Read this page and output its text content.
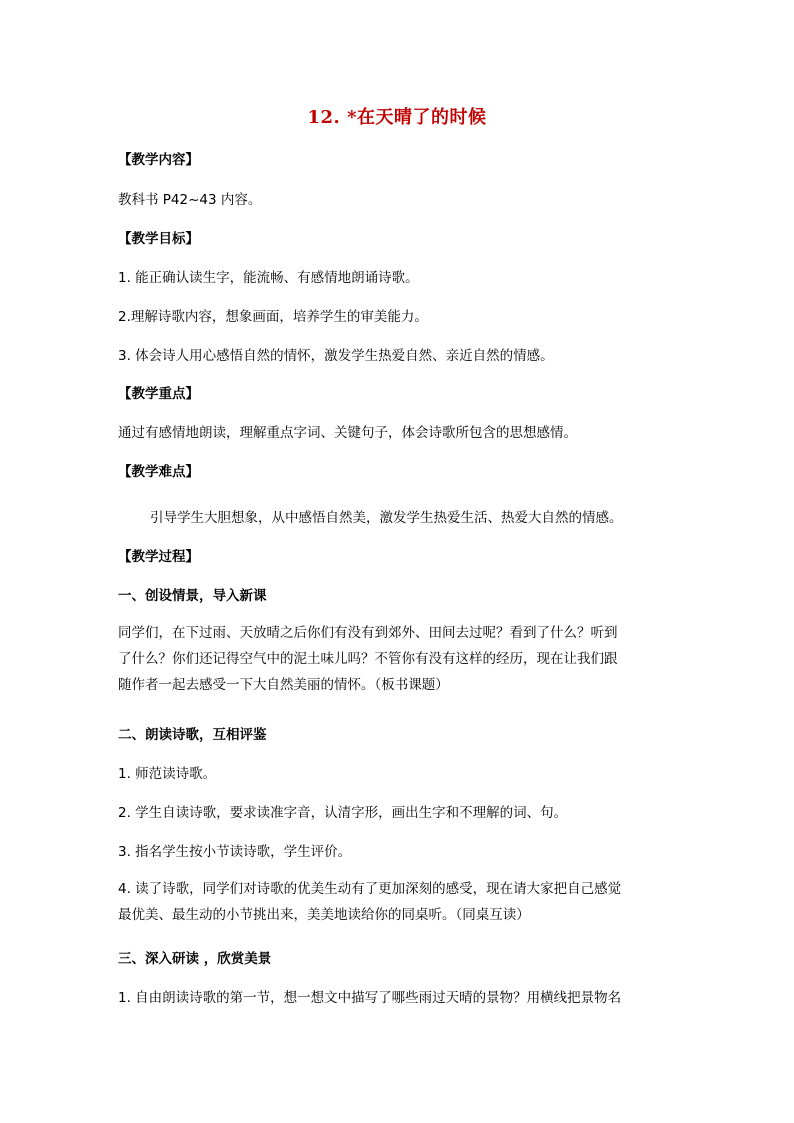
12. *在天晴了的时候
【教学内容】
教科书 P42~43 内容。
【教学目标】
1. 能正确认读生字，能流畅、有感情地朗诵诗歌。
2.理解诗歌内容，想象画面，培养学生的审美能力。
3. 体会诗人用心感悟自然的情怀，激发学生热爱自然、亲近自然的情感。
【教学重点】
通过有感情地朗读，理解重点字词、关键句子，体会诗歌所包含的思想感情。
【教学难点】
引导学生大胆想象，从中感悟自然美，激发学生热爱生活、热爱大自然的情感。
【教学过程】
一、创设情景，导入新课
同学们，在下过雨、天放晴之后你们有没有到郊外、田间去过呢？看到了什么？听到
了什么？你们还记得空气中的泥土味儿吗？不管你有没有这样的经历，现在让我们跟
随作者一起去感受一下大自然美丽的情怀。（板书课题）
二、朗读诗歌，互相评鉴
1. 师范读诗歌。
2. 学生自读诗歌，要求读准字音，认清字形，画出生字和不理解的词、句。
3. 指名学生按小节读诗歌，学生评价。
4. 读了诗歌，同学们对诗歌的优美生动有了更加深刻的感受，现在请大家把自己感觉
最优美、最生动的小节挑出来，美美地读给你的同桌听。（同桌互读）
三、深入研读 ，欣赏美景
1. 自由朗读诗歌的第一节，想一想文中描写了哪些雨过天晴的景物？用横线把景物名
